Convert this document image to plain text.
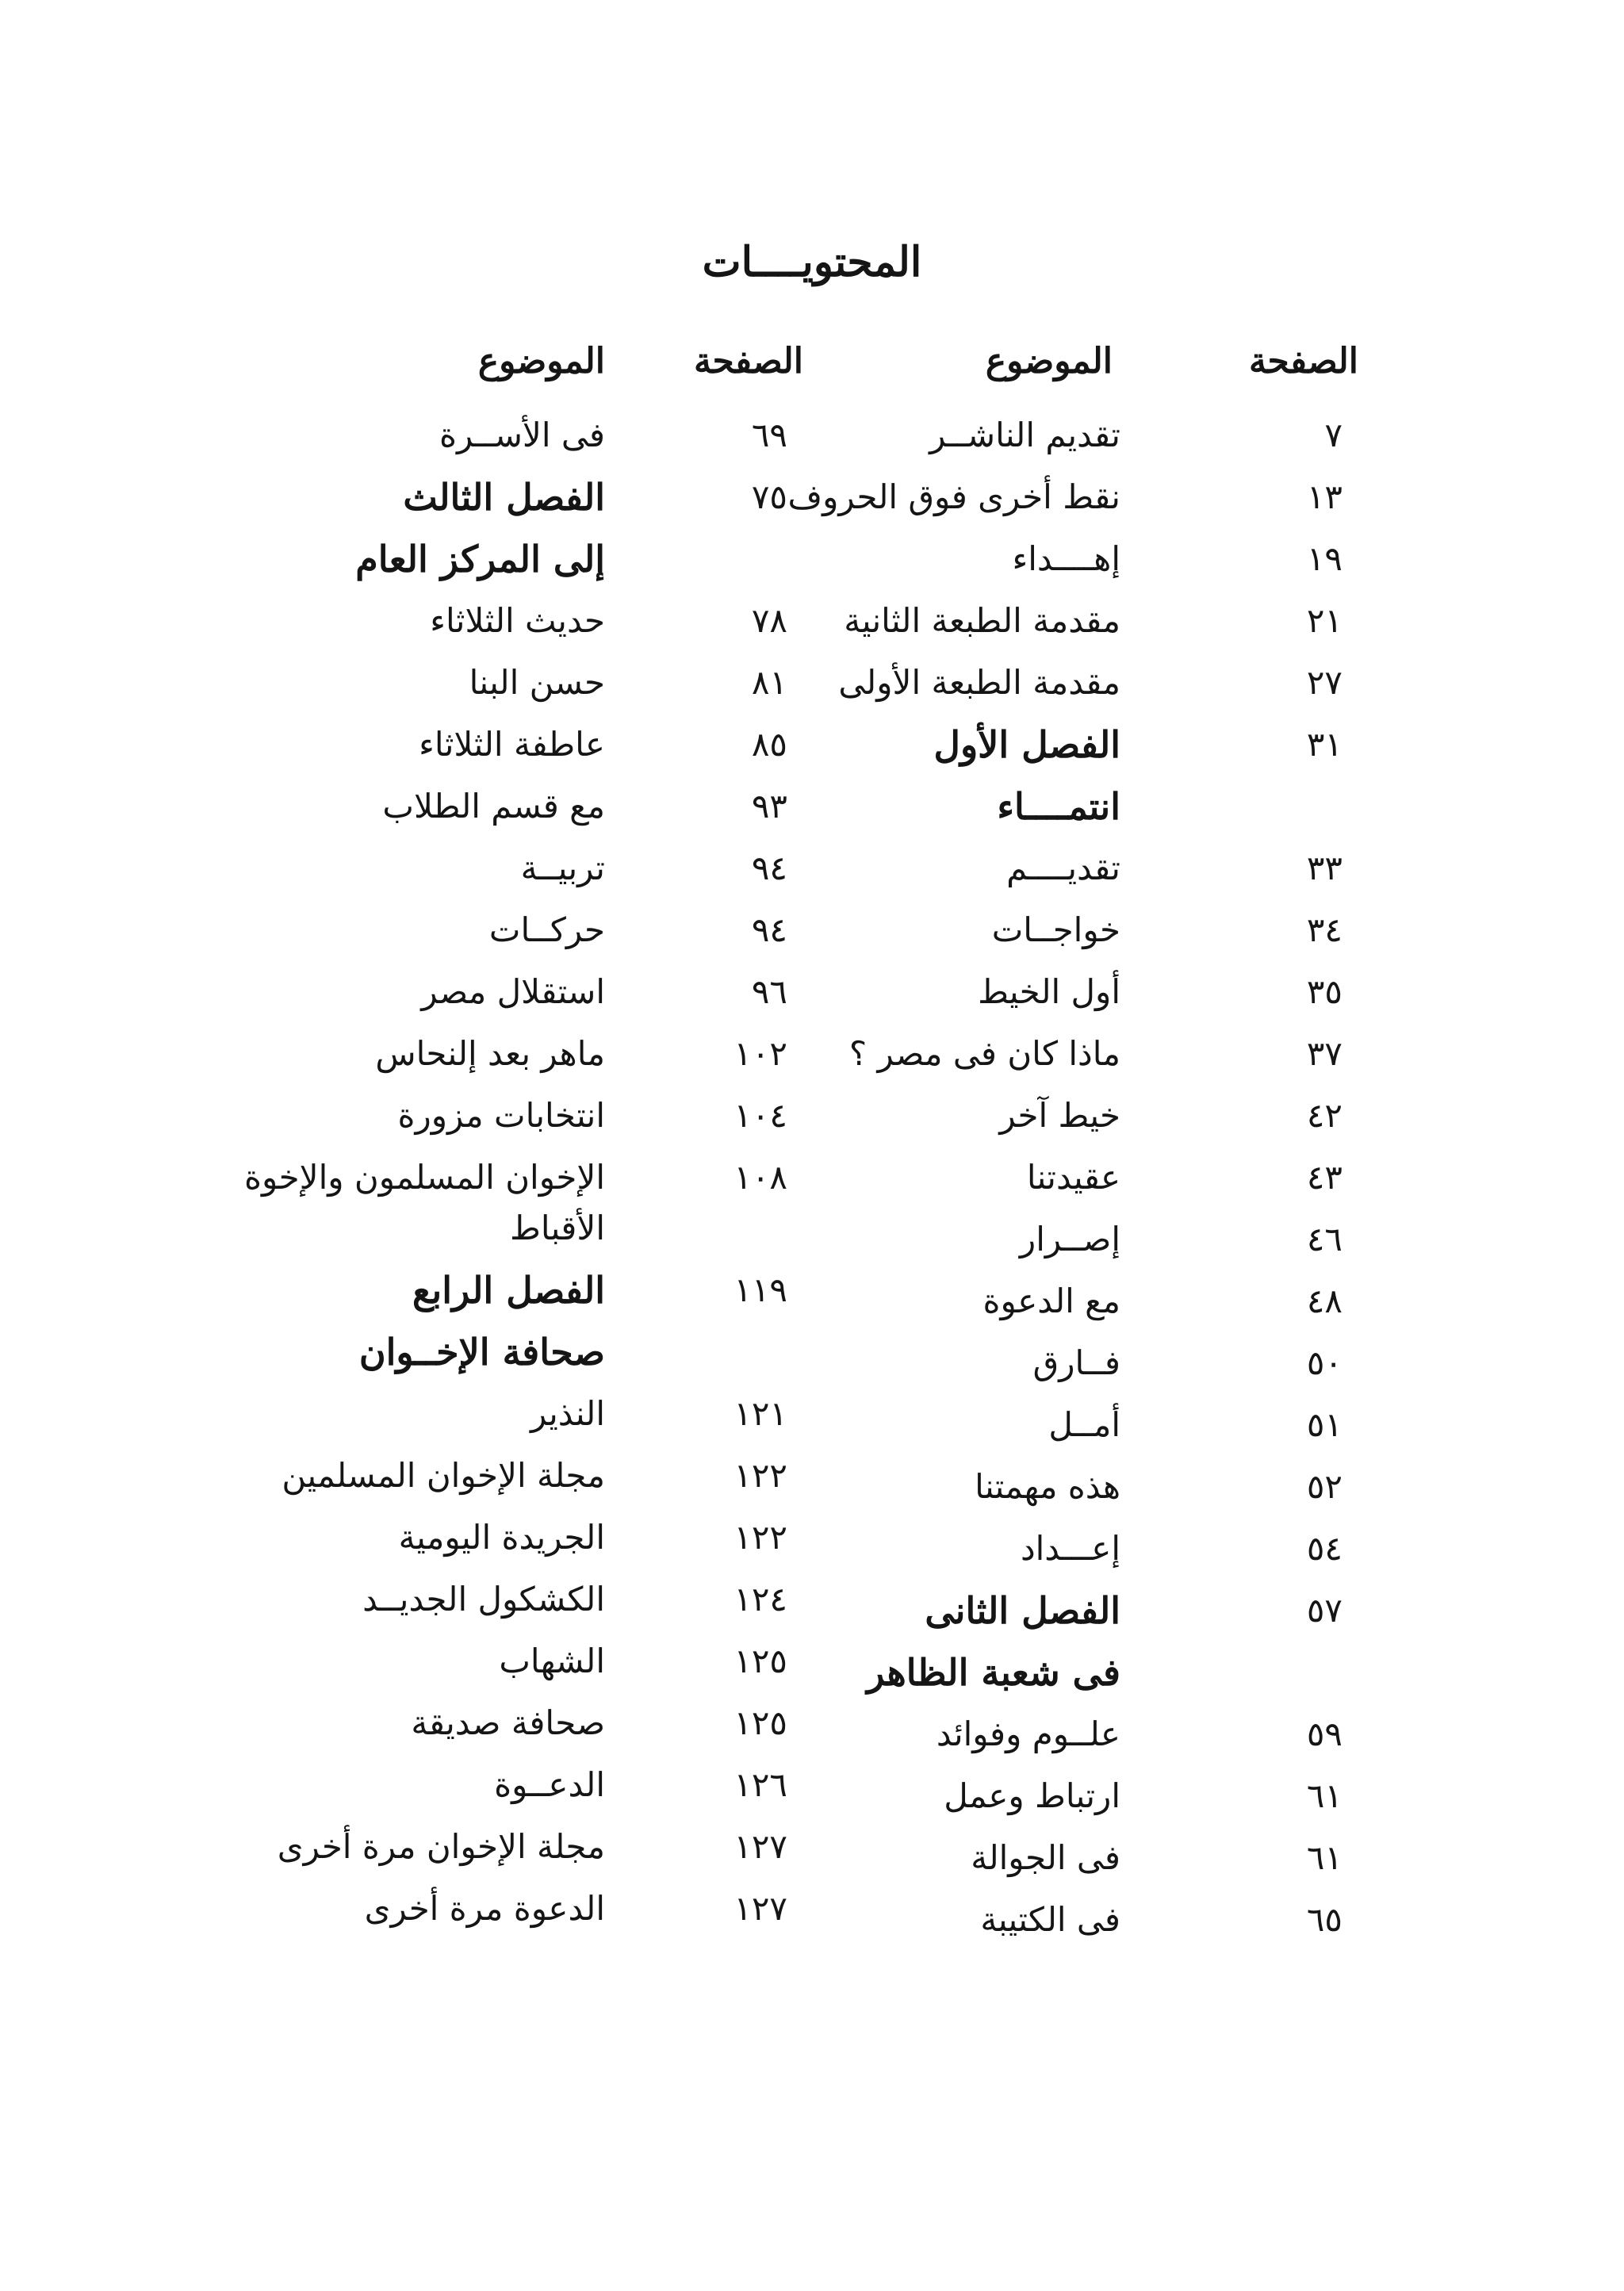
المحتويــــات
الصفحة
الموضوع
٧
تقديم الناشــر
١٣
نقط أخرى فوق الحروف
١٩
إهــــداء
٢١
مقدمة الطبعة الثانية
٢٧
مقدمة الطبعة الأولى
٣١
الفصل الأول
انتمــــاء
٣٣
تقديــــم
٣٤
خواجــات
٣٥
أول الخيط
٣٧
ماذا كان فى مصر ؟
٤٢
خيط آخر
٤٣
عقيدتنا
٤٦
إصــرار
٤٨
مع الدعوة
٥٠
فــارق
٥١
أمــل
٥٢
هذه مهمتنا
٥٤
إعـــداد
٥٧
الفصل الثانى
فى شعبة الظاهر
٥٩
علــوم وفوائد
٦١
ارتباط وعمل
٦١
فى الجوالة
٦٥
فى الكتيبة
الصفحة
الموضوع
٦٩
فى الأســرة
٧٥
الفصل الثالث
إلى المركز العام
٧٨
حديث الثلاثاء
٨١
حسن البنا
٨٥
عاطفة الثلاثاء
٩٣
مع قسم الطلاب
٩٤
تربيــة
٩٤
حركــات
٩٦
استقلال مصر
١٠٢
ماهر بعد إلنحاس
١٠٤
انتخابات مزورة
١٠٨
الإخوان المسلمون والإخوة الأقباط
١١٩
الفصل الرابع
صحافة الإخــوان
١٢١
النذير
١٢٢
مجلة الإخوان المسلمين
١٢٢
الجريدة اليومية
١٢٤
الكشكول الجديــد
١٢٥
الشهاب
١٢٥
صحافة صديقة
١٢٦
الدعــوة
١٢٧
مجلة الإخوان مرة أخرى
١٢٧
الدعوة مرة أخرى
